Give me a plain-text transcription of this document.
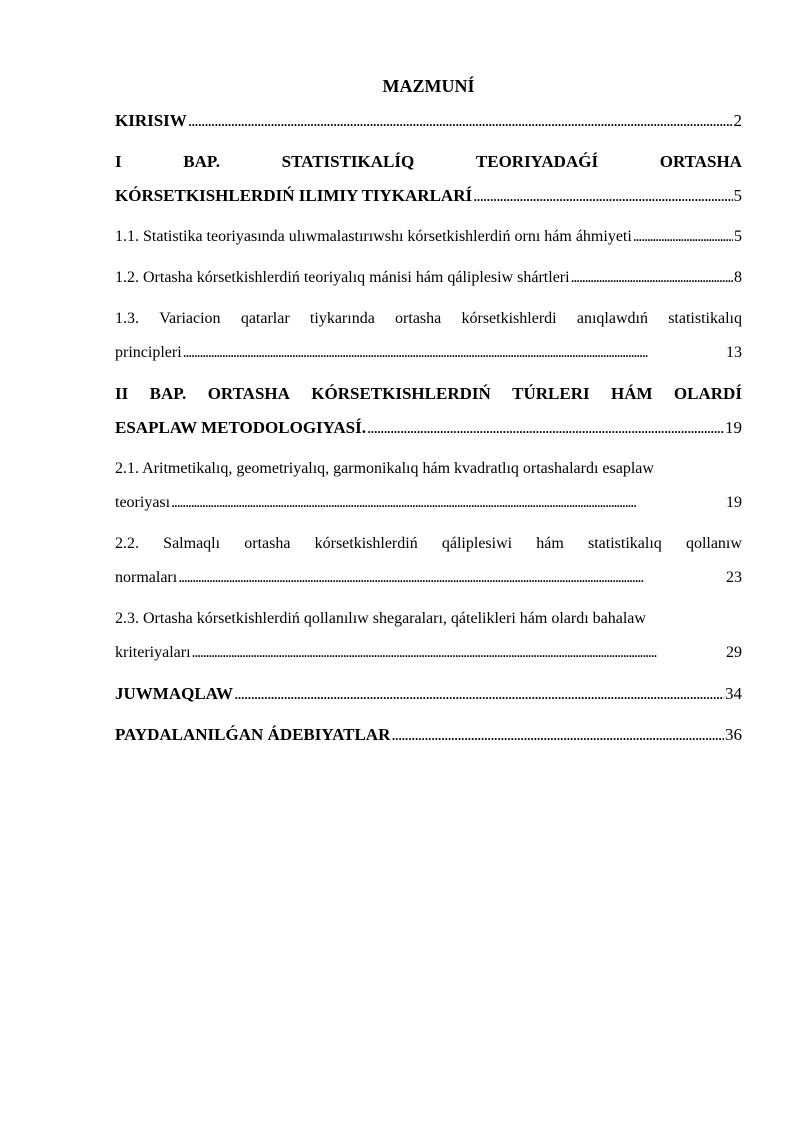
MAZMUNÍ
KIRISIW . . .	2
I	BAP.	STATISTIKALÍQ	TEORIYADAǴÍ	ORTASHA
KÓRSETKISHLERDIŃ ILIMIY TIYKARLARÍ . . .	5
1.1. Statistika teoriyasında ulıwmalastırıwshı kórsetkishlerdiń ornı hám áhmiyeti . . .	5
1.2. Ortasha kórsetkishlerdiń teoriyalıq mánisi hám qáliplesiw shártleri . . .	8
1.3. Variacion qatarlar tiykarında ortasha kórsetkishlerdi anıqlawdıń statistikalıq
principleri . . .	13
II BAP. ORTASHA KÓRSETKISHLERDIŃ TÚRLERI HÁM OLARDÍ
ESAPLAW METODOLOGIYASÍ. . . .	19
2.1. Aritmetikalıq, geometriyalıq, garmonikalıq hám kvadratlıq ortashalardı esaplaw
teoriyası . . .	19
2.2. Salmaqlı ortasha kórsetkishlerdiń qáliplesiwi hám statistikalıq qollanıw
normaları . . .	23
2.3. Ortasha kórsetkishlerdiń qollanılıw shegaraları, qátelikleri hám olardı bahalaw
kriteriyaları . . .	29
JUWMAQLAW . . .	34
PAYDALANILǴAN ÁDEBIYATLAR . . .	36
